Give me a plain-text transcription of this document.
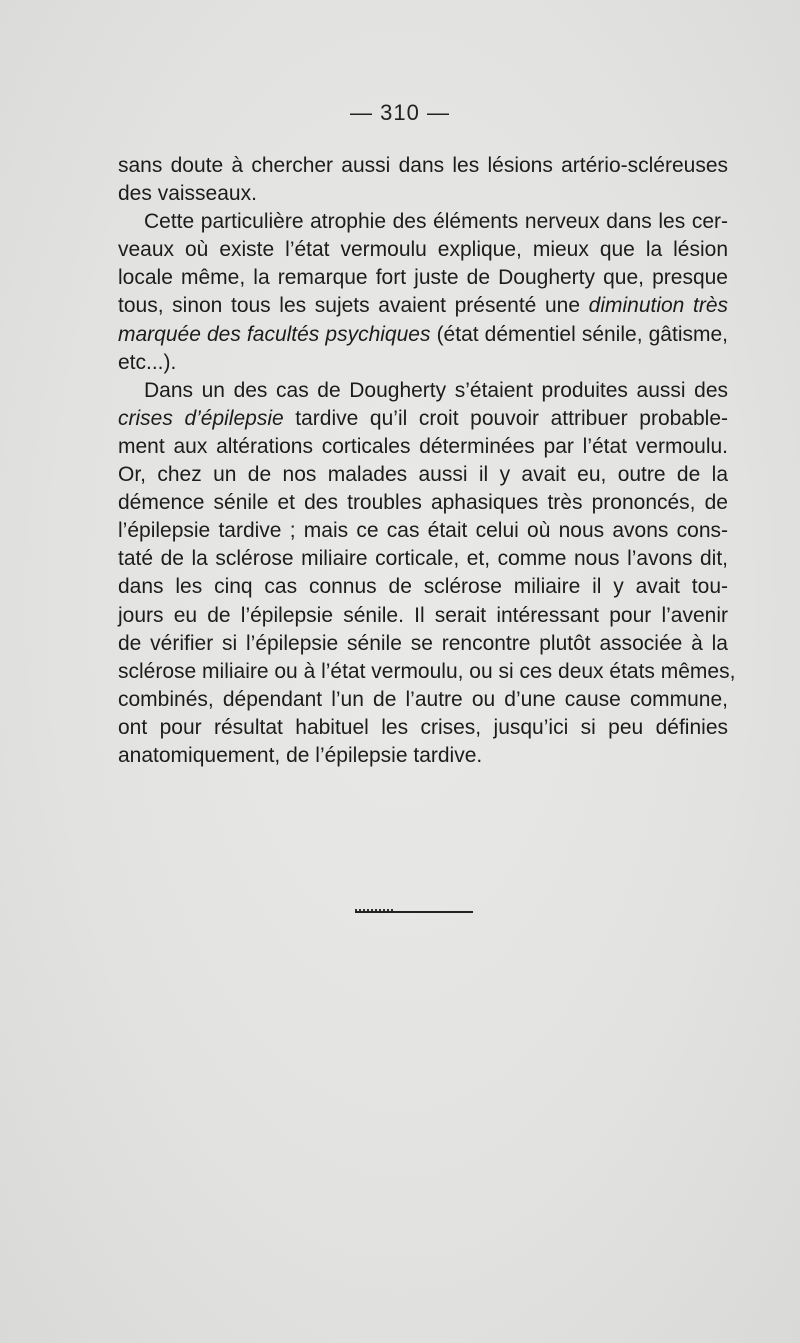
— 310 —
sans doute à chercher aussi dans les lésions artério-scléreuses
des vaisseaux.
Cette particulière atrophie des éléments nerveux dans les cer-
veaux où existe l’état vermoulu explique, mieux que la lésion
locale même, la remarque fort juste de Dougherty que, presque
tous, sinon tous les sujets avaient présenté une diminution très
marquée des facultés psychiques (état démentiel sénile, gâtisme,
etc...).
Dans un des cas de Dougherty s’étaient produites aussi des
crises d’épilepsie tardive qu’il croit pouvoir attribuer probable-
ment aux altérations corticales déterminées par l’état vermoulu.
Or, chez un de nos malades aussi il y avait eu, outre de la
démence sénile et des troubles aphasiques très prononcés, de
l’épilepsie tardive ; mais ce cas était celui où nous avons cons-
taté de la sclérose miliaire corticale, et, comme nous l’avons dit,
dans les cinq cas connus de sclérose miliaire il y avait tou-
jours eu de l’épilepsie sénile. Il serait intéressant pour l’avenir
de vérifier si l’épilepsie sénile se rencontre plutôt associée à la
sclérose miliaire ou à l’état vermoulu, ou si ces deux états mêmes,
combinés, dépendant l’un de l’autre ou d’une cause commune,
ont pour résultat habituel les crises, jusqu’ici si peu définies
anatomiquement, de l’épilepsie tardive.
